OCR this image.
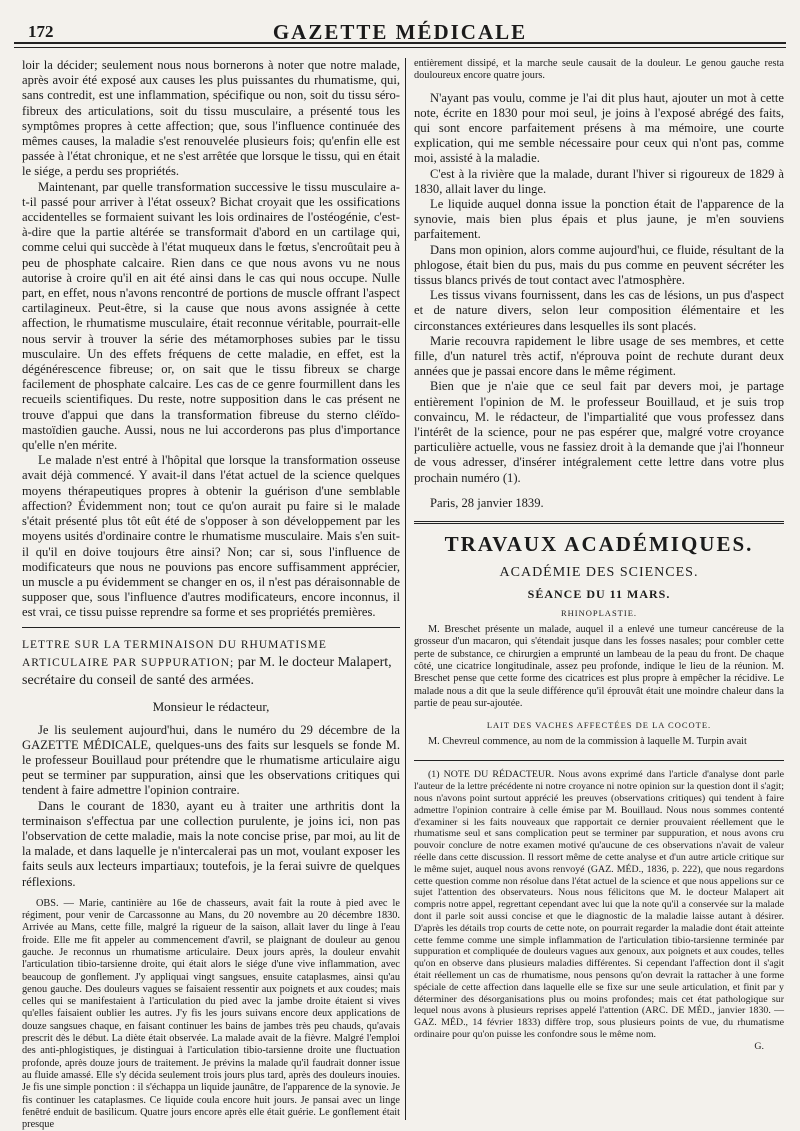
172	GAZETTE MÉDICALE

loir la décider; seulement nous nous bornerons à noter que notre malade, après avoir été exposé aux causes les plus puissantes du rhumatisme, qui, sans contredit, est une inflammation, spécifique ou non, soit du tissu séro-fibreux des articulations, soit du tissu musculaire, a présenté tous les symptômes propres à cette affection; que, sous l'influence continuée des mêmes causes, la maladie s'est renouvelée plusieurs fois; qu'enfin elle est passée à l'état chronique, et ne s'est arrêtée que lorsque le tissu, qui en était le siége, a perdu ses propriétés.

Maintenant, par quelle transformation successive le tissu musculaire a-t-il passé pour arriver à l'état osseux? Bichat croyait que les ossifications accidentelles se formaient suivant les lois ordinaires de l'ostéogénie, c'est-à-dire que la partie altérée se transformait d'abord en un cartilage qui, comme celui qui succède à l'état muqueux dans le fœtus, s'encroûtait peu à peu de phosphate calcaire. Rien dans ce que nous avons vu ne nous autorise à croire qu'il en ait été ainsi dans le cas qui nous occupe. Nulle part, en effet, nous n'avons rencontré de portions de muscle offrant l'aspect cartilagineux. Peut-être, si la cause que nous avons assignée à cette affection, le rhumatisme musculaire, était reconnue véritable, pourrait-elle nous servir à trouver la série des métamorphoses subies par le tissu musculaire. Un des effets fréquens de cette maladie, en effet, est la dégénérescence fibreuse; or, on sait que le tissu fibreux se charge facilement de phosphate calcaire. Les cas de ce genre fourmillent dans les recueils scientifiques. Du reste, notre supposition dans le cas présent ne trouve d'appui que dans la transformation fibreuse du sterno cléïdo-mastoïdien gauche. Aussi, nous ne lui accorderons pas plus d'importance qu'elle n'en mérite.

Le malade n'est entré à l'hôpital que lorsque la transformation osseuse avait déjà commencé. Y avait-il dans l'état actuel de la science quelques moyens thérapeutiques propres à obtenir la guérison d'une semblable affection? Évidemment non; tout ce qu'on aurait pu faire si le malade s'était présenté plus tôt eût été de s'opposer à son développement par les moyens usités d'ordinaire contre le rhumatisme musculaire. Mais s'en suit-il qu'il en doive toujours être ainsi? Non; car si, sous l'influence de modificateurs que nous ne pouvions pas encore suffisamment apprécier, un muscle a pu évidemment se changer en os, il n'est pas déraisonnable de supposer que, sous l'influence d'autres modificateurs, encore inconnus, il est vrai, ce tissu puisse reprendre sa forme et ses propriétés premières.

LETTRE SUR LA TERMINAISON DU RHUMATISME ARTICULAIRE PAR SUPPURATION; par M. le docteur Malapert, secrétaire du conseil de santé des armées.
Monsieur le rédacteur,

Je lis seulement aujourd'hui, dans le numéro du 29 décembre de la GAZETTE MÉDICALE, quelques-uns des faits sur lesquels se fonde M. le professeur Bouillaud pour prétendre que le rhumatisme articulaire aigu peut se terminer par suppuration, ainsi que les observations critiques qui tendent à faire admettre l'opinion contraire.

Dans le courant de 1830, ayant eu à traiter une arthritis dont la terminaison s'effectua par une collection purulente, je joins ici, non pas l'observation de cette maladie, mais la note concise prise, par moi, au lit de la malade, et dans laquelle je n'intercalerai pas un mot, voulant exposer les faits seuls aux lecteurs impartiaux; toutefois, je la ferai suivre de quelques réflexions.

OBS. — Marie, cantinière au 16e de chasseurs, avait fait la route à pied avec le régiment, pour venir de Carcassonne au Mans, du 20 novembre au 20 décembre 1830. Arrivée au Mans, cette fille, malgré la rigueur de la saison, allait laver du linge à l'eau froide. Elle me fit appeler au commencement d'avril, se plaignant de douleur au genou gauche. Je reconnus un rhumatisme articulaire. Deux jours après, la douleur envahit l'articulation tibio-tarsienne droite, qui était alors le siége d'une vive inflammation, avec beaucoup de gonflement. J'y appliquai vingt sangsues, ensuite cataplasmes, ainsi qu'au genou gauche. Des douleurs vagues se faisaient ressentir aux poignets et aux coudes; mais celles qui se manifestaient à l'articulation du pied avec la jambe droite étaient si vives qu'elles faisaient oublier les autres. J'y fis les jours suivans encore deux applications de douze sangsues chaque, en faisant continuer les bains de jambes très peu chauds, qu'avais prescrit dès le début. La diète était observée. La malade avait de la fièvre. Malgré l'emploi des anti-phlogistiques, je distinguai à l'articulation tibio-tarsienne droite une fluctuation profonde, après douze jours de traitement. Je prévins la malade qu'il faudrait donner issue au fluide amassé. Elle s'y décida seulement trois jours plus tard, après des douleurs inouies. Je fis une simple ponction : il s'échappa un liquide jaunâtre, de l'apparence de la synovie. Je fis continuer les cataplasmes. Ce liquide coula encore huit jours. Je pansai avec un linge fenêtré enduit de basilicum. Quatre jours encore après elle était guérie. Le gonflement était presque

entièrement dissipé, et la marche seule causait de la douleur. Le genou gauche resta douloureux encore quatre jours.

N'ayant pas voulu, comme je l'ai dit plus haut, ajouter un mot à cette note, écrite en 1830 pour moi seul, je joins à l'exposé abrégé des faits, qui sont encore parfaitement présens à ma mémoire, une courte explication, qui me semble nécessaire pour ceux qui n'ont pas, comme moi, assisté à la maladie.

C'est à la rivière que la malade, durant l'hiver si rigoureux de 1829 à 1830, allait laver du linge.

Le liquide auquel donna issue la ponction était de l'apparence de la synovie, mais bien plus épais et plus jaune, je m'en souviens parfaitement.

Dans mon opinion, alors comme aujourd'hui, ce fluide, résultant de la phlogose, était bien du pus, mais du pus comme en peuvent sécréter les tissus blancs privés de tout contact avec l'atmosphère.

Les tissus vivans fournissent, dans les cas de lésions, un pus d'aspect et de nature divers, selon leur composition élémentaire et les circonstances extérieures dans lesquelles ils sont placés.

Marie recouvra rapidement le libre usage de ses membres, et cette fille, d'un naturel très actif, n'éprouva point de rechute durant deux années que je passai encore dans le même régiment.

Bien que je n'aie que ce seul fait par devers moi, je partage entièrement l'opinion de M. le professeur Bouillaud, et je suis trop convaincu, M. le rédacteur, de l'impartialité que vous professez dans l'intérêt de la science, pour ne pas espérer que, malgré votre croyance particulière actuelle, vous ne fassiez droit à la demande que j'ai l'honneur de vous adresser, d'insérer intégralement cette lettre dans votre plus prochain numéro (1).

Paris, 28 janvier 1839.

TRAVAUX ACADÉMIQUES.
ACADÉMIE DES SCIENCES.
SÉANCE DU 11 MARS.
RHINOPLASTIE.

M. Breschet présente un malade, auquel il a enlevé une tumeur cancéreuse de la grosseur d'un macaron, qui s'étendait jusque dans les fosses nasales; pour combler cette perte de substance, ce chirurgien a emprunté un lambeau de la peau du front. De chaque côté, une cicatrice longitudinale, assez peu profonde, indique le lieu de la réunion. M. Breschet pense que cette forme des cicatrices est plus propre à empêcher la récidive. Le malade nous a dit que la seule différence qu'il éprouvât était une moindre chaleur dans la partie de peau sur-ajoutée.

LAIT DES VACHES AFFECTÉES DE LA COCOTE.

M. Chevreul commence, au nom de la commission à laquelle M. Turpin avait

(1) NOTE DU RÉDACTEUR. Nous avons exprimé dans l'article d'analyse dont parle l'auteur de la lettre précédente ni notre croyance ni notre opinion sur la question dont il s'agit; nous n'avons point surtout apprécié les preuves (observations critiques) qui tendent à faire admettre l'opinion contraire à celle émise par M. Bouillaud. Nous nous sommes contenté d'examiner si les faits nouveaux que rapportait ce dernier prouvaient réellement que le rhumatisme seul et sans complication peut se terminer par suppuration, et nous avons cru pouvoir conclure de notre examen motivé qu'aucune de ces observations n'avait de valeur réelle dans cette discussion. Il ressort même de cette analyse et d'un autre article critique sur le même sujet, auquel nous avons renvoyé (GAZ. MÉD., 1836, p. 222), que nous regardons cette question comme non résolue dans l'état actuel de la science et que nous appelions sur ce sujet l'attention des observateurs. Nous nous félicitons que M. le docteur Malapert ait compris notre appel, regrettant cependant avec lui que la note qu'il a conservée sur la malade dont il parle soit aussi concise et que le diagnostic de la maladie laisse autant à désirer. D'après les détails trop courts de cette note, on pourrait regarder la maladie dont était atteinte cette femme comme une simple inflammation de l'articulation tibio-tarsienne terminée par suppuration et compliquée de douleurs vagues aux genoux, aux poignets et aux coudes, telles qu'on en observe dans plusieurs maladies différentes. Si cependant l'affection dont il s'agit était réellement un cas de rhumatisme, nous pensons qu'on devrait la rattacher à une forme spéciale de cette affection dans laquelle elle se fixe sur une seule articulation, et finit par y déterminer des désorganisations plus ou moins profondes; mais cet état pathologique sur lequel nous avons à plusieurs reprises appelé l'attention (ARC. DE MÉD., janvier 1830. — GAZ. MÉD., 14 février 1833) diffère trop, sous plusieurs points de vue, du rhumatisme ordinaire pour qu'on puisse les confondre sous le même nom.

G.
